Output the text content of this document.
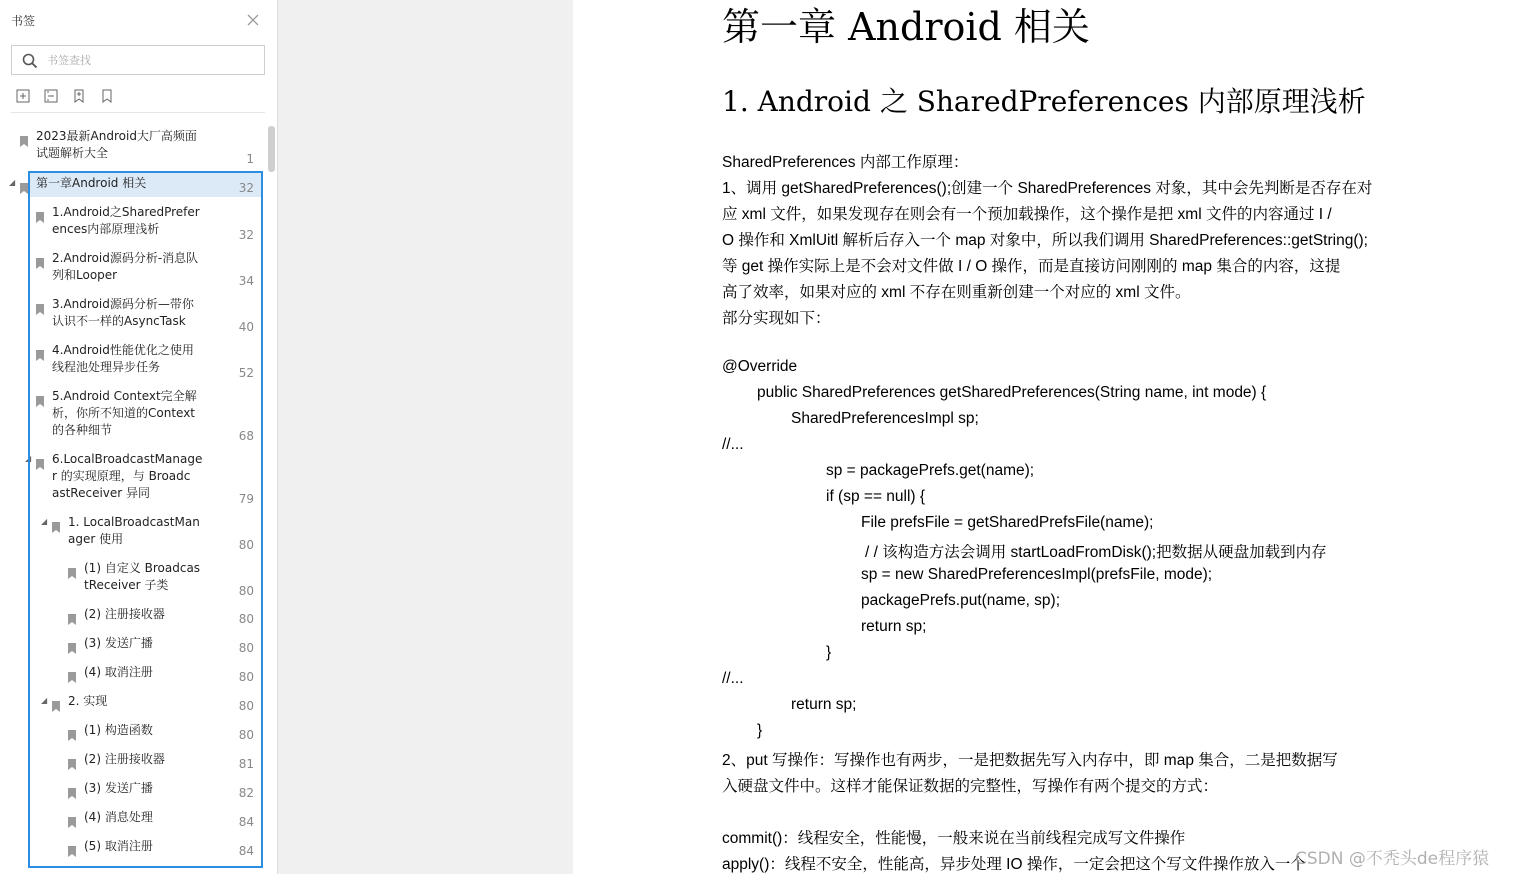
书签
书签查找
2023最新Android大厂高频面
试题解析大全	1
◢ 第一章Android 相关	32
1.Android之SharedPrefer
ences内部原理浅析	32
2.Android源码分析-消息队
列和Looper	34
3.Android源码分析—带你
认识不一样的AsyncTask	40
4.Android性能优化之使用
线程池处理异步任务	52
5.Android Context完全解
析，你所不知道的Context
的各种细节	68
◢ 6.LocalBroadcastManage
r 的实现原理，与 Broadc
astReceiver 异同	79
◢ 1. LocalBroadcastMan
ager 使用	80
(1) 自定义 Broadcas
tReceiver 子类	80
(2) 注册接收器	80
(3) 发送广播	80
(4) 取消注册	80
◢ 2. 实现	80
(1) 构造函数	80
(2) 注册接收器	81
(3) 发送广播	82
(4) 消息处理	84
(5) 取消注册	84
第一章 Android 相关
1. Android 之 SharedPreferences 内部原理浅析
SharedPreferences 内部工作原理：
1、调用 getSharedPreferences();创建一个 SharedPreferences 对象，其中会先判断是否存在对
应 xml 文件，如果发现存在则会有一个预加载操作，这个操作是把 xml 文件的内容通过 I /
O 操作和 XmlUitl 解析后存入一个 map 对象中，所以我们调用 SharedPreferences::getString();
等 get 操作实际上是不会对文件做 I / O 操作，而是直接访问刚刚的 map 集合的内容，这提
高了效率，如果对应的 xml 不存在则重新创建一个对应的 xml 文件。
部分实现如下：
@Override
public SharedPreferences getSharedPreferences(String name, int mode) {
SharedPreferencesImpl sp;
//...
sp = packagePrefs.get(name);
if (sp == null) {
File prefsFile = getSharedPrefsFile(name);
/ / 该构造方法会调用 startLoadFromDisk();把数据从硬盘加载到内存
sp = new SharedPreferencesImpl(prefsFile, mode);
packagePrefs.put(name, sp);
return sp;
}
//...
return sp;
}
2、put 写操作：写操作也有两步，一是把数据先写入内存中，即 map 集合，二是把数据写
入硬盘文件中。这样才能保证数据的完整性，写操作有两个提交的方式：
commit()：线程安全，性能慢，一般来说在当前线程完成写文件操作
apply()：线程不安全，性能高，异步处理 IO 操作，一定会把这个写文件操作放入一个
CSDN @不秃头de程序猿
